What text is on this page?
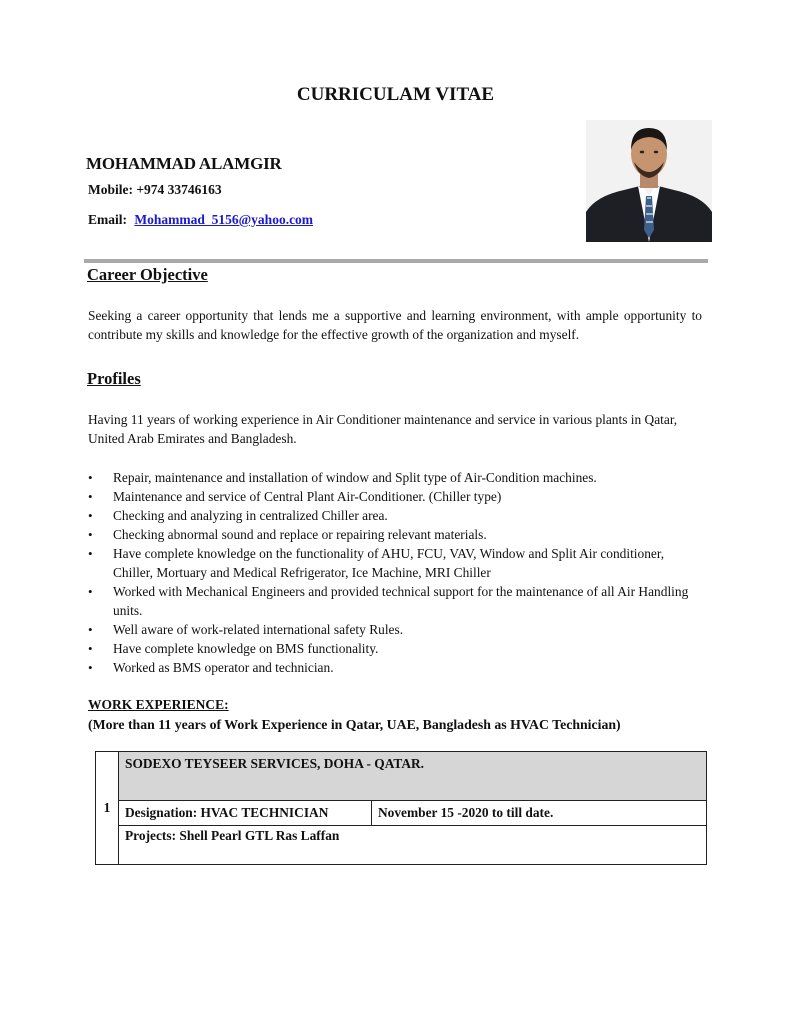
CURRICULAM VITAE
MOHAMMAD ALAMGIR
Mobile: +974 33746163
Email: Mohammad_5156@yahoo.com
Career Objective
Seeking a career opportunity that lends me a supportive and learning environment, with ample opportunity to contribute my skills and knowledge for the effective growth of the organization and myself.
Profiles
Having 11 years of working experience in Air Conditioner maintenance and service in various plants in Qatar, United Arab Emirates and Bangladesh.
• Repair, maintenance and installation of window and Split type of Air-Condition machines.
• Maintenance and service of Central Plant Air-Conditioner. (Chiller type)
• Checking and analyzing in centralized Chiller area.
• Checking abnormal sound and replace or repairing relevant materials.
• Have complete knowledge on the functionality of AHU, FCU, VAV, Window and Split Air conditioner, Chiller, Mortuary and Medical Refrigerator, Ice Machine, MRI Chiller
• Worked with Mechanical Engineers and provided technical support for the maintenance of all Air Handling units.
• Well aware of work-related international safety Rules.
• Have complete knowledge on BMS functionality.
• Worked as BMS operator and technician.
WORK EXPERIENCE:
(More than 11 years of Work Experience in Qatar, UAE, Bangladesh as HVAC Technician)
1	SODEXO TEYSEER SERVICES, DOHA - QATAR.	
	Designation: HVAC TECHNICIAN	November 15 -2020 to till date.
	Projects: Shell Pearl GTL Ras Laffan	
